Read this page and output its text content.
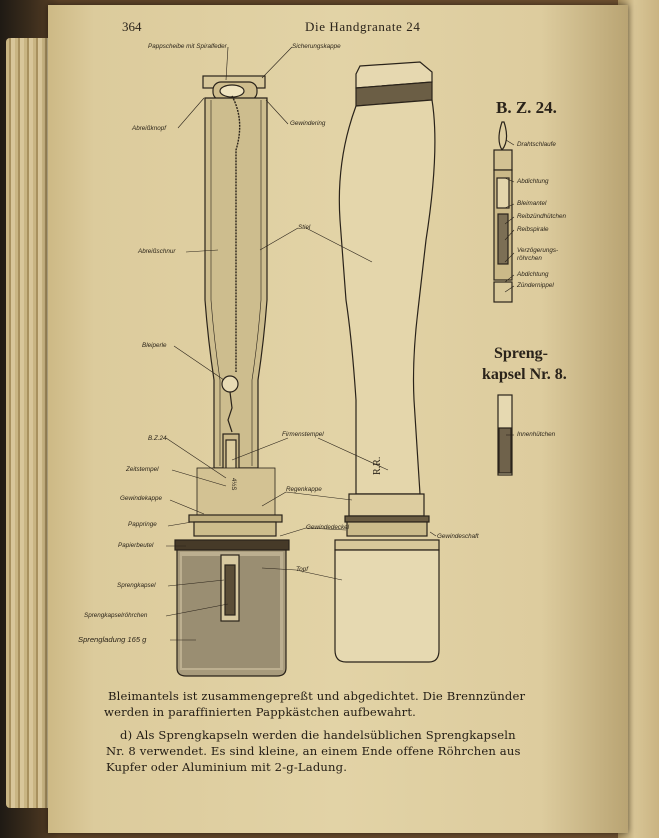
364	Die Handgranate 24
R.R.
4½S
Pappscheibe mit Spiralfeder	Sicherungskappe
Abreißknopf
Gewindering
Abreißschnur
Stiel
Bleiperle
B.Z.24
Firmenstempel
Zeitstempel
Gewindekappe
Regenkappe
Pappringe	Gewindedeckel
Gewindeschaft
Papierbeutel
Topf
Sprengkapsel
Sprengkapselröhrchen
Sprengladung 165 g
B. Z. 24.
Drahtschlaufe
Abdichtung
Bleimantel
Reibzündhütchen
Reibspirale
Verzögerungs-röhrchen
Abdichtung
Zündernippel
Spreng-
kapsel Nr. 8.
Innenhütchen
Bleimantels ist zusammengepreßt und abgedichtet. Die Brennzünder
werden in paraffinierten Pappkästchen aufbewahrt.
d) Als Sprengkapseln werden die handelsüblichen Sprengkapseln
Nr. 8 verwendet. Es sind kleine, an einem Ende offene Röhrchen aus
Kupfer oder Aluminium mit 2-g-Ladung.
